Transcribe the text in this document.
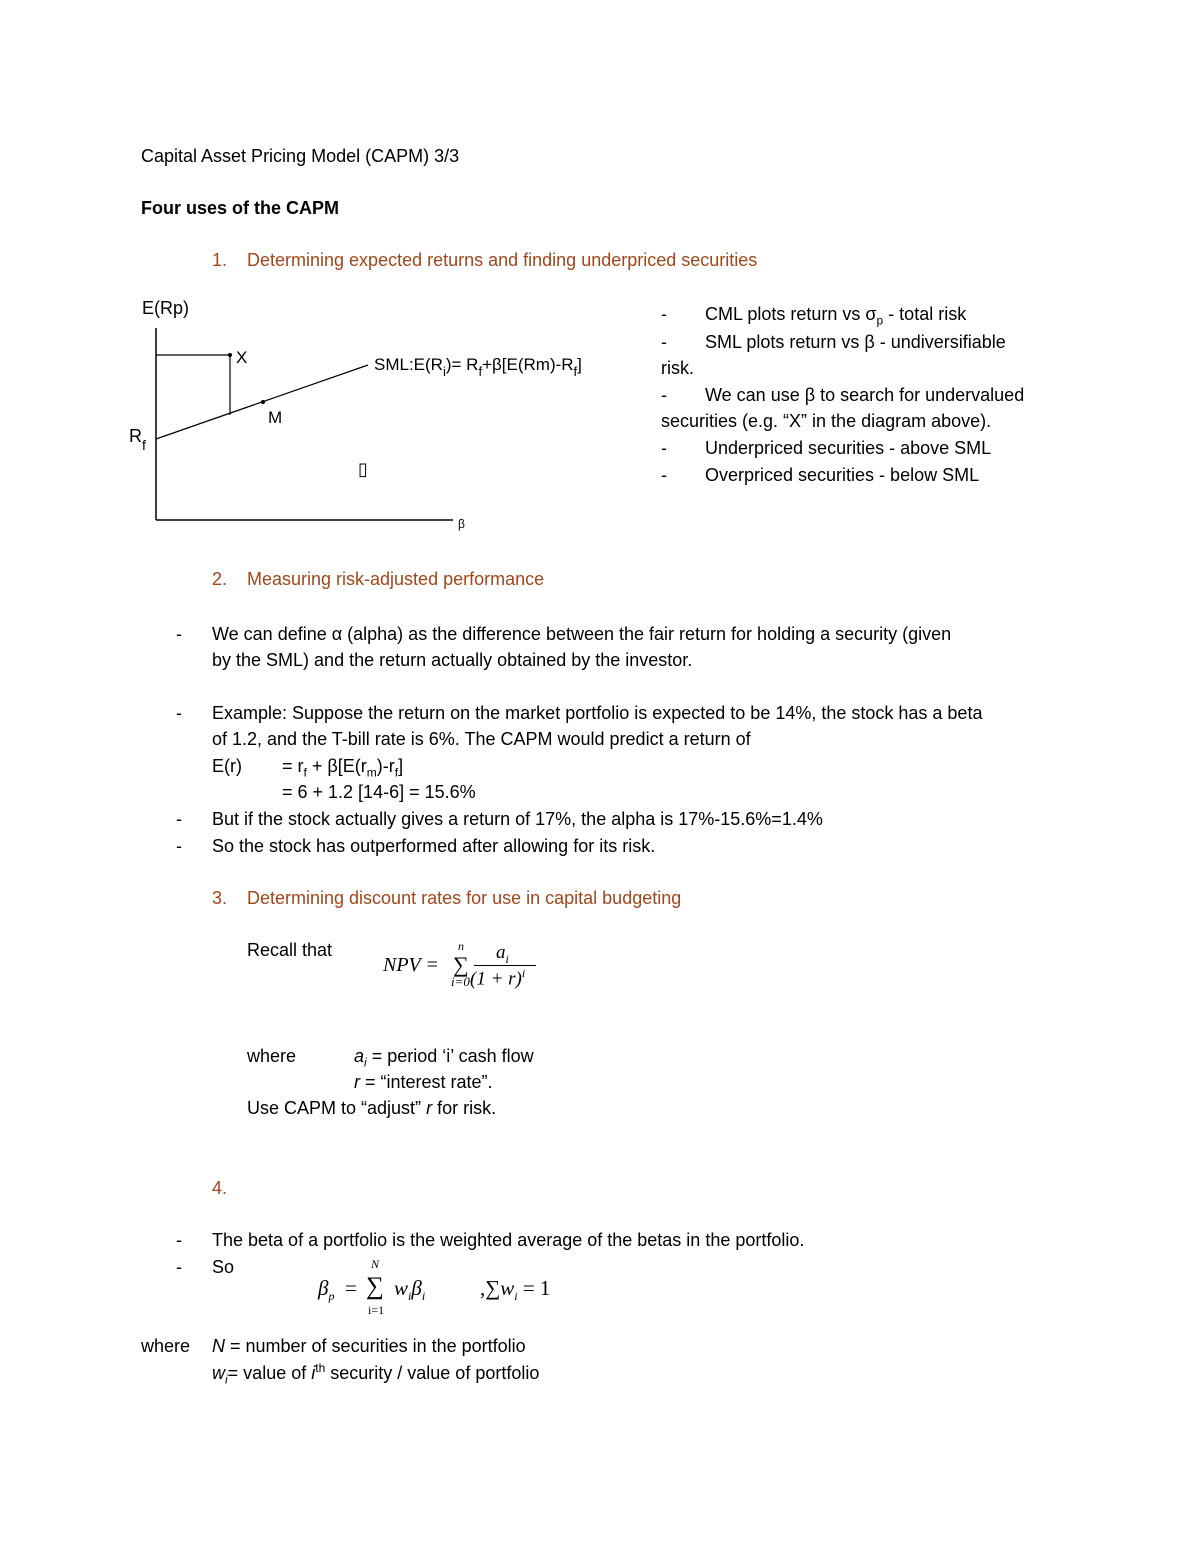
Capital Asset Pricing Model (CAPM) 3/3
Four uses of the CAPM
1. Determining expected returns and finding underpriced securities
E(Rp)
β
X
M
$R_f$
$SML:E(R_i)= R_f+\beta[E(Rm)-R_f]$
▯
- CML plots return vs $\sigma_p$ - total risk
- SML plots return vs β - undiversifiable
risk.
- We can use β to search for undervalued
securities (e.g. “X” in the diagram above).
- Underpriced securities - above SML
- Overpriced securities - below SML
2. Measuring risk-adjusted performance
- We can define α (alpha) as the difference between the fair return for holding a security (given
by the SML) and the return actually obtained by the investor.
- Example: Suppose the return on the market portfolio is expected to be 14%, the stock has a beta
of 1.2, and the T-bill rate is 6%. The CAPM would predict a return of
$E(r) = r_f + \beta[E(r_m)-r_f]$
= 6 + 1.2 [14-6] = 15.6%
- But if the stock actually gives a return of 17%, the alpha is 17%-15.6%=1.4%
- So the stock has outperformed after allowing for its risk.
3. Determining discount rates for use in capital budgeting
Recall that
NPV = ∑
n
i=0
$a_i$
$(1 + r)^i$
where	$a_i$ = period ‘i’ cash flow
r = “interest rate”.
Use CAPM to “adjust” r for risk.
4.
- The beta of a portfolio is the weighted average of the betas in the portfolio.
- So
$\beta_p$ = ∑
N
i=1
$w_i\beta_i$	$,\sum w_i = 1$
where N = number of securities in the portfolio
$w_i=$ value of $i^{th}$ security / value of portfolio
